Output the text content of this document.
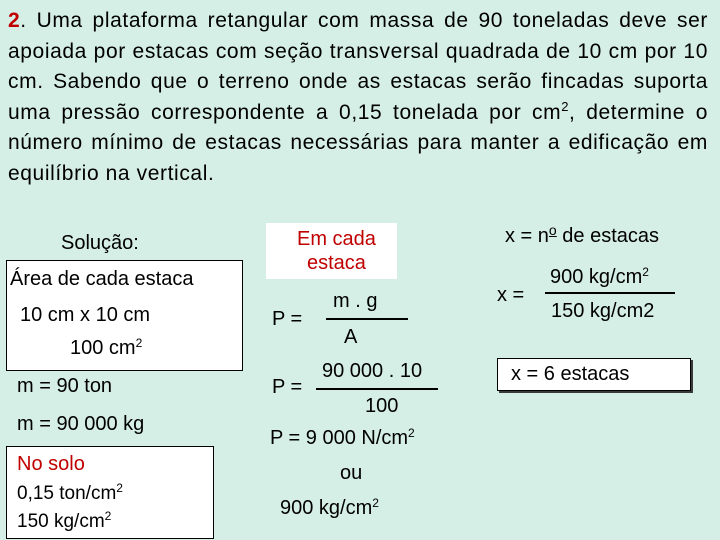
2. Uma plataforma retangular com massa de 90 toneladas deve ser apoiada por estacas com seção transversal quadrada de 10 cm por 10 cm. Sabendo que o terreno onde as estacas serão fincadas suporta uma pressão correspondente a 0,15 tonelada por $cm^2$, determine o número mínimo de estacas necessárias para manter a edificação em equilíbrio na vertical.
Solução:
Área de cada estaca
10 cm x 10 cm
100 $cm^2$
m = 90 ton
m = 90 000 kg
No solo
0,15 ton/$cm^2$
150 $kg/cm^2$
Em cada
estaca
m . g
P =
A
90 000 . 10
P =
100
P = 9 000 $N/cm^2$
ou
900 $kg/cm^2$
$x = n^o$ de estacas
900 $kg/cm^2$
x =
150 kg/cm2
x = 6 estacas
